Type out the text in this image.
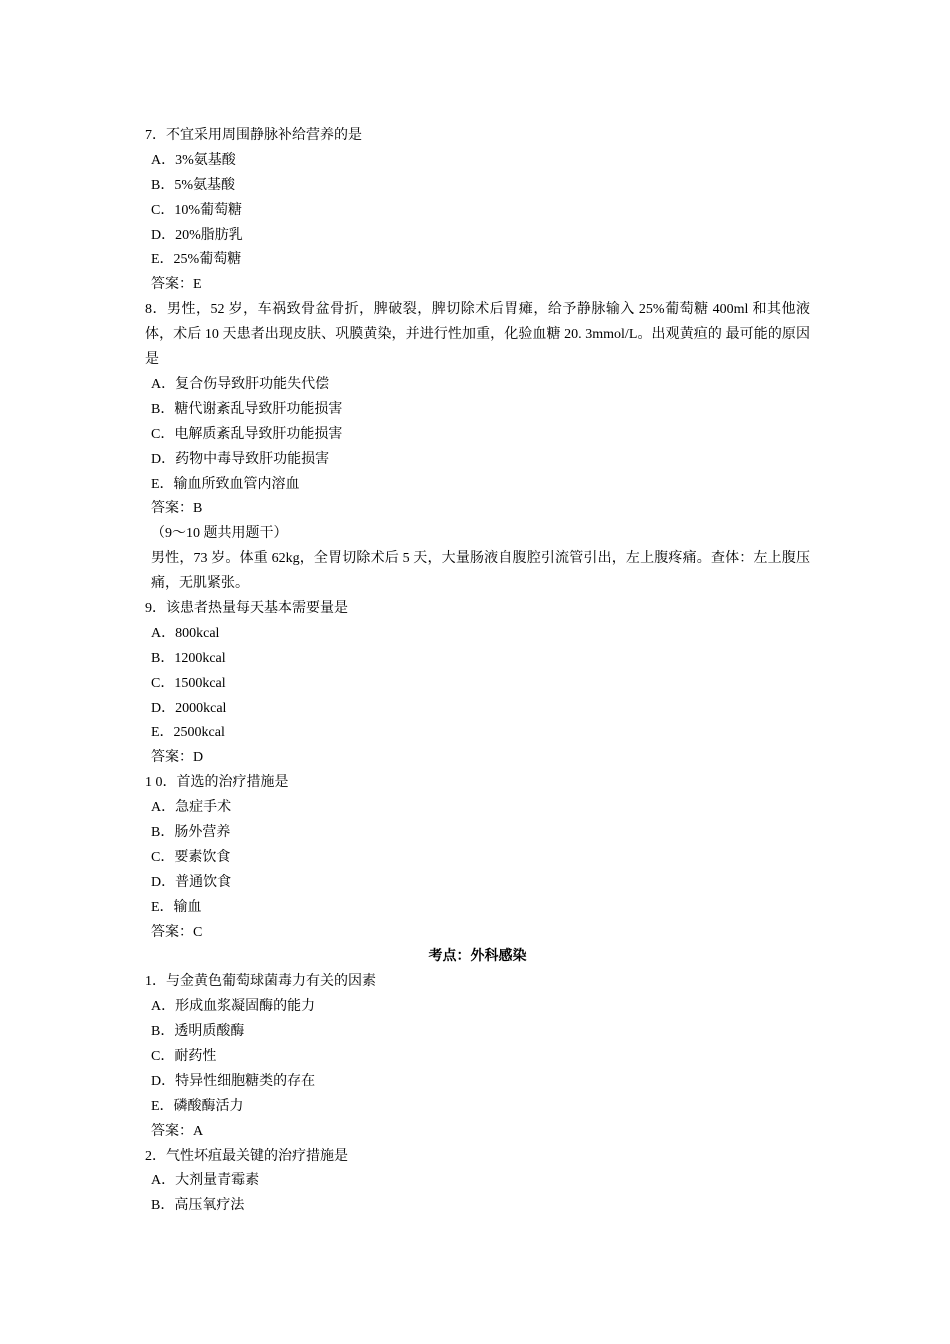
7．不宜采用周围静脉补给营养的是
A．3%氨基酸
B．5%氨基酸
C．10%葡萄糖
D．20%脂肪乳
E．25%葡萄糖
答案：E
8．男性，52 岁，车祸致骨盆骨折，脾破裂，脾切除术后胃瘫，给予静脉输入 25%葡萄糖 400ml 和其他液体，术后 10 天患者出现皮肤、巩膜黄染，并进行性加重，化验血糖 20. 3mmol/L。出观黄疸的 最可能的原因是
A．复合伤导致肝功能失代偿
B．糖代谢紊乱导致肝功能损害
C．电解质紊乱导致肝功能损害
D．药物中毒导致肝功能损害
E．输血所致血管内溶血
答案：B
（9～10 题共用题干）
男性，73 岁。体重 62kg，全胃切除术后 5 天，大量肠液自腹腔引流管引出，左上腹疼痛。查体：左上腹压痛，无肌紧张。
9．该患者热量每天基本需要量是
A．800kcal
B．1200kcal
C．1500kcal
D．2000kcal
E．2500kcal
答案：D
1 0．首选的治疗措施是
A．急症手术
B．肠外营养
C．要素饮食
D．普通饮食
E．输血
答案：C
考点：外科感染
1．与金黄色葡萄球菌毒力有关的因素
A．形成血浆凝固酶的能力
B．透明质酸酶
C．耐药性
D．特异性细胞糖类的存在
E．磷酸酶活力
答案：A
2．气性坏疽最关键的治疗措施是
A．大剂量青霉素
B．高压氧疗法
